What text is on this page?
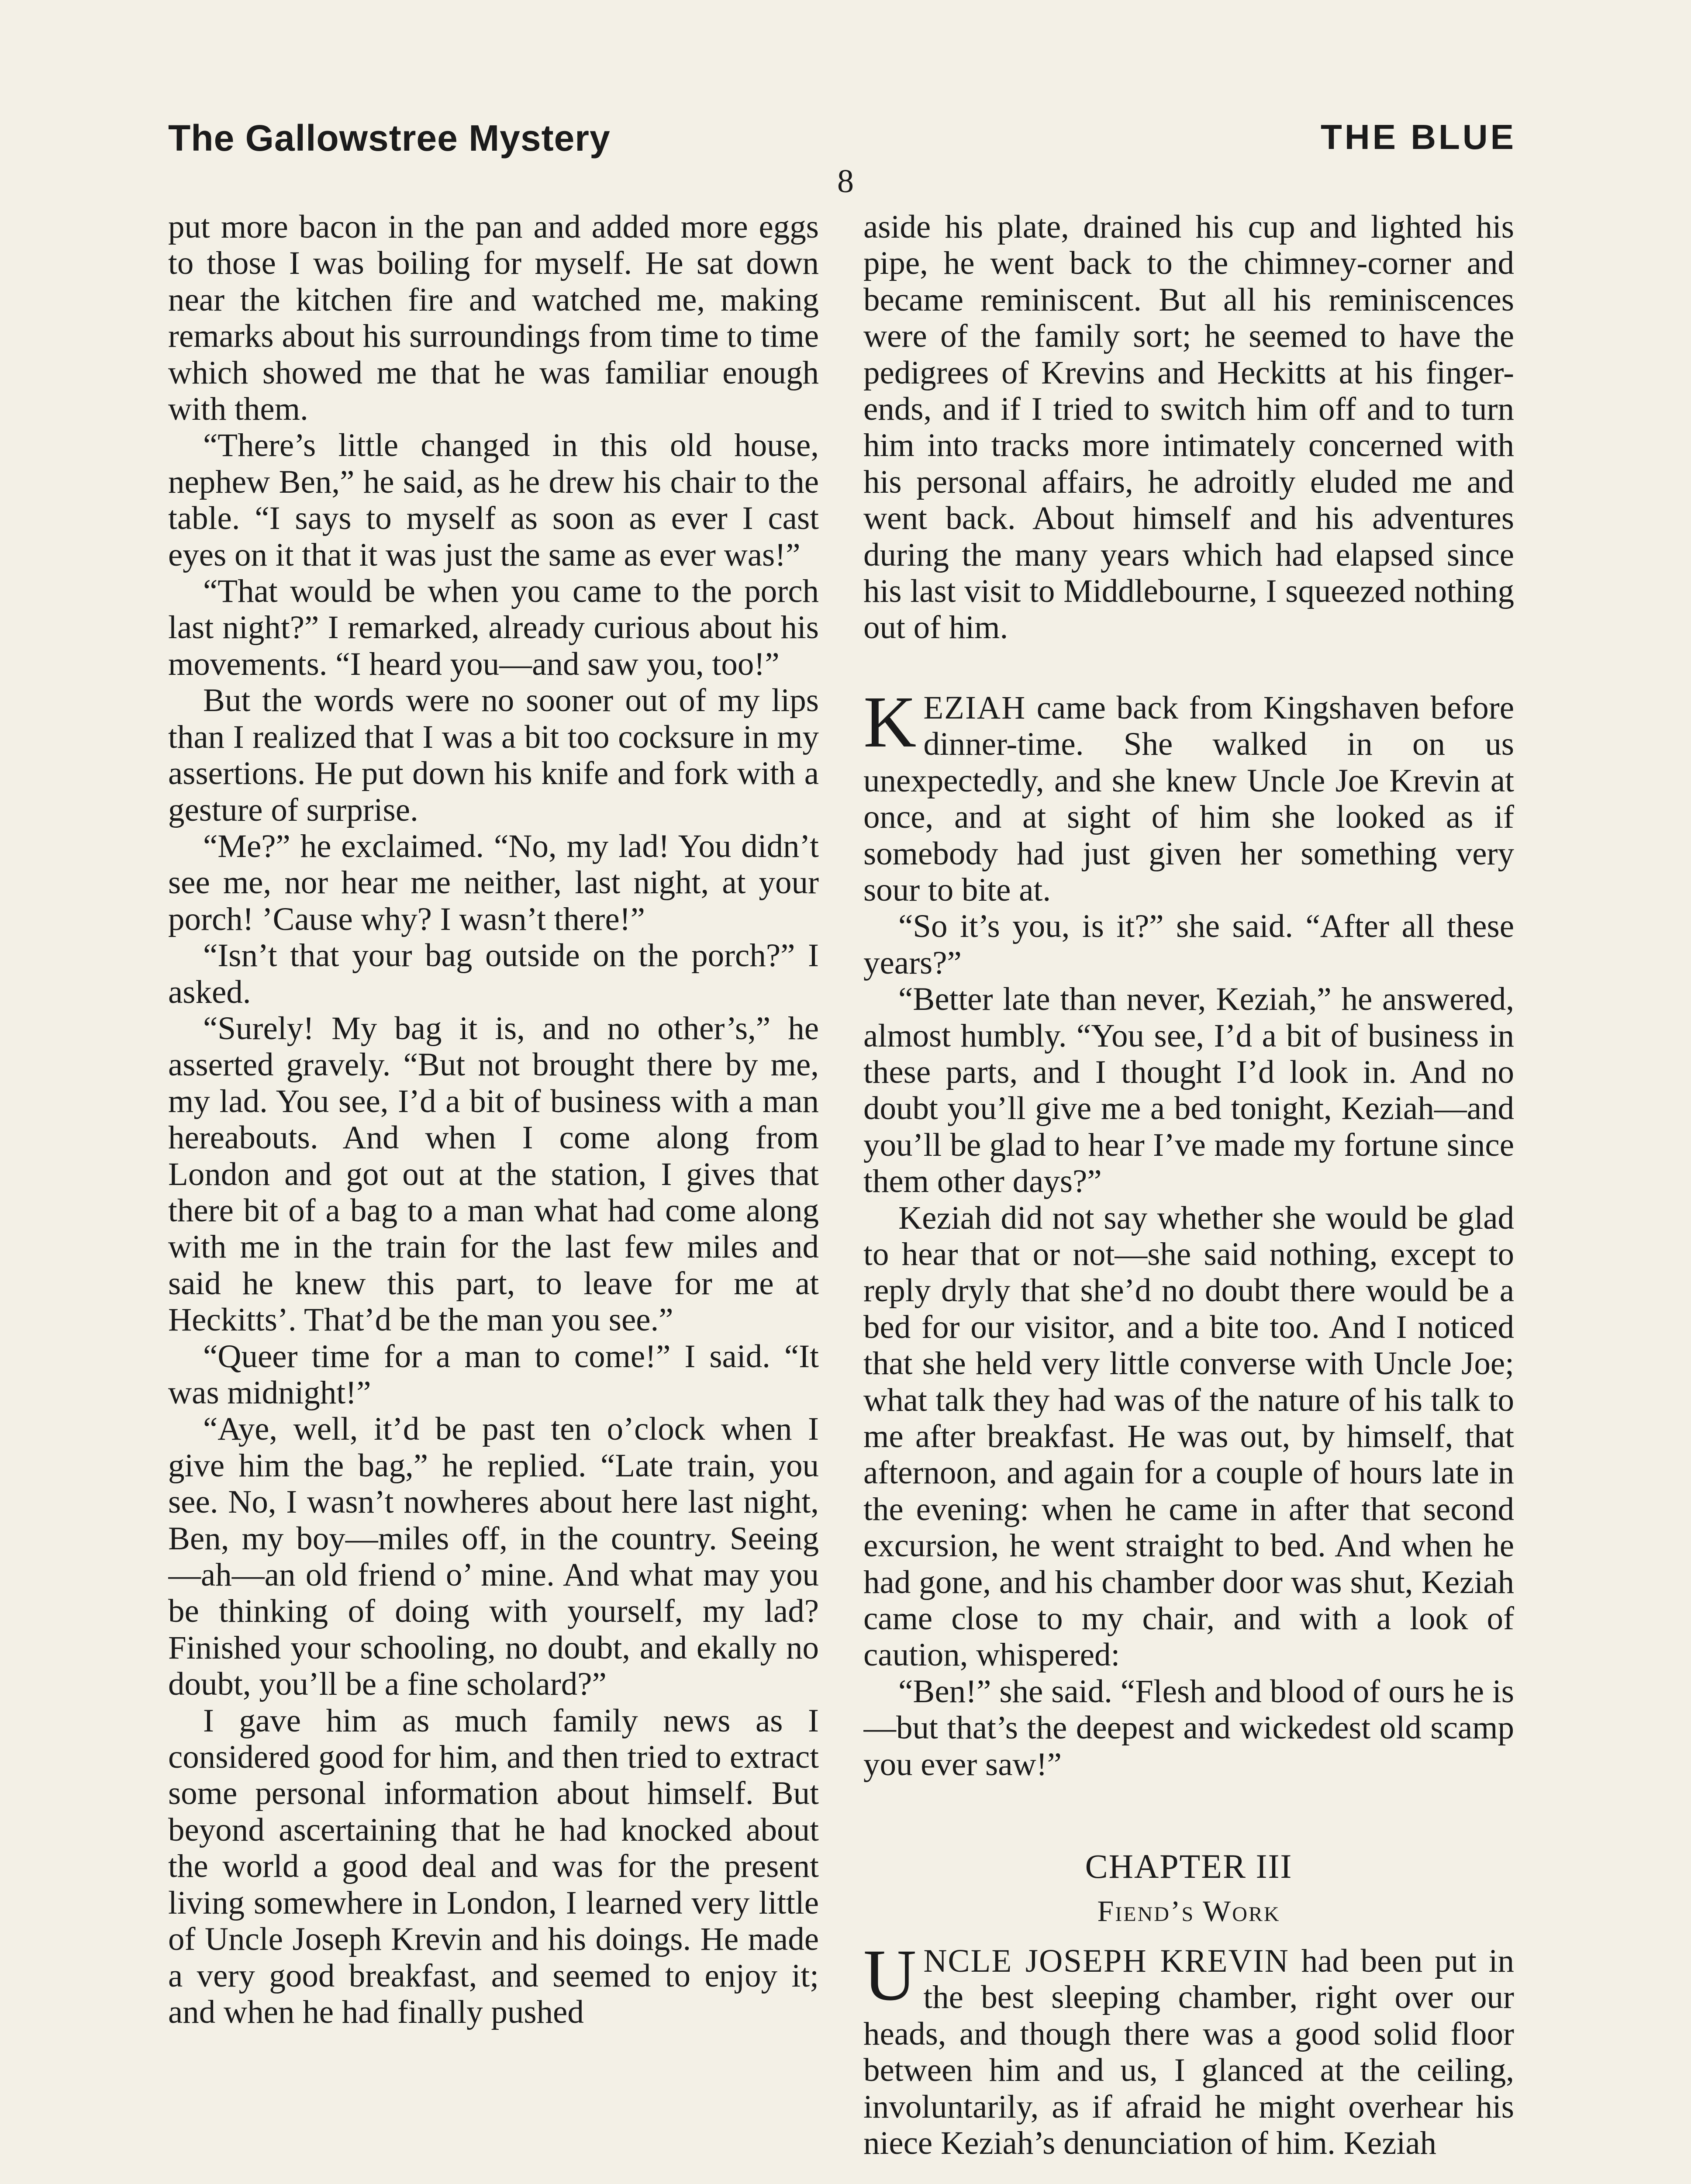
The Gallowstree Mystery	THE BLUE
8

put more bacon in the pan and added more eggs to those I was boiling for myself. He sat down near the kitchen fire and watched me, making remarks about his surroundings from time to time which showed me that he was familiar enough with them.

“There’s little changed in this old house, nephew Ben,” he said, as he drew his chair to the table. “I says to myself as soon as ever I cast eyes on it that it was just the same as ever was!”

“That would be when you came to the porch last night?” I remarked, already curious about his movements. “I heard you—and saw you, too!”

But the words were no sooner out of my lips than I realized that I was a bit too cocksure in my assertions. He put down his knife and fork with a gesture of surprise.

“Me?” he exclaimed. “No, my lad! You didn’t see me, nor hear me neither, last night, at your porch! ’Cause why? I wasn’t there!”

“Isn’t that your bag outside on the porch?” I asked.

“Surely! My bag it is, and no other’s,” he asserted gravely. “But not brought there by me, my lad. You see, I’d a bit of business with a man hereabouts. And when I come along from London and got out at the station, I gives that there bit of a bag to a man what had come along with me in the train for the last few miles and said he knew this part, to leave for me at Heckitts’. That’d be the man you see.”

“Queer time for a man to come!” I said. “It was midnight!”

“Aye, well, it’d be past ten o’clock when I give him the bag,” he replied. “Late train, you see. No, I wasn’t nowheres about here last night, Ben, my boy—miles off, in the country. Seeing—ah—an old friend o’ mine. And what may you be thinking of doing with yourself, my lad? Finished your schooling, no doubt, and ekally no doubt, you’ll be a fine scholard?”

I gave him as much family news as I considered good for him, and then tried to extract some personal information about himself. But beyond ascertaining that he had knocked about the world a good deal and was for the present living somewhere in London, I learned very little of Uncle Joseph Krevin and his doings. He made a very good breakfast, and seemed to enjoy it; and when he had finally pushed

aside his plate, drained his cup and lighted his pipe, he went back to the chimney-corner and became reminiscent. But all his reminiscences were of the family sort; he seemed to have the pedigrees of Krevins and Heckitts at his finger-ends, and if I tried to switch him off and to turn him into tracks more intimately concerned with his personal affairs, he adroitly eluded me and went back. About himself and his adventures during the many years which had elapsed since his last visit to Middlebourne, I squeezed nothing out of him.

KEZIAH came back from Kingshaven before dinner-time. She walked in on us unexpectedly, and she knew Uncle Joe Krevin at once, and at sight of him she looked as if somebody had just given her something very sour to bite at.

“So it’s you, is it?” she said. “After all these years?”

“Better late than never, Keziah,” he answered, almost humbly. “You see, I’d a bit of business in these parts, and I thought I’d look in. And no doubt you’ll give me a bed tonight, Keziah—and you’ll be glad to hear I’ve made my fortune since them other days?”

Keziah did not say whether she would be glad to hear that or not—she said nothing, except to reply dryly that she’d no doubt there would be a bed for our visitor, and a bite too. And I noticed that she held very little converse with Uncle Joe; what talk they had was of the nature of his talk to me after breakfast. He was out, by himself, that afternoon, and again for a couple of hours late in the evening: when he came in after that second excursion, he went straight to bed. And when he had gone, and his chamber door was shut, Keziah came close to my chair, and with a look of caution, whispered:

“Ben!” she said. “Flesh and blood of ours he is—but that’s the deepest and wickedest old scamp you ever saw!”

CHAPTER III
Fiend’s Work

UNCLE JOSEPH KREVIN had been put in the best sleeping chamber, right over our heads, and though there was a good solid floor between him and us, I glanced at the ceiling, involuntarily, as if afraid he might overhear his niece Keziah’s denunciation of him. Keziah
